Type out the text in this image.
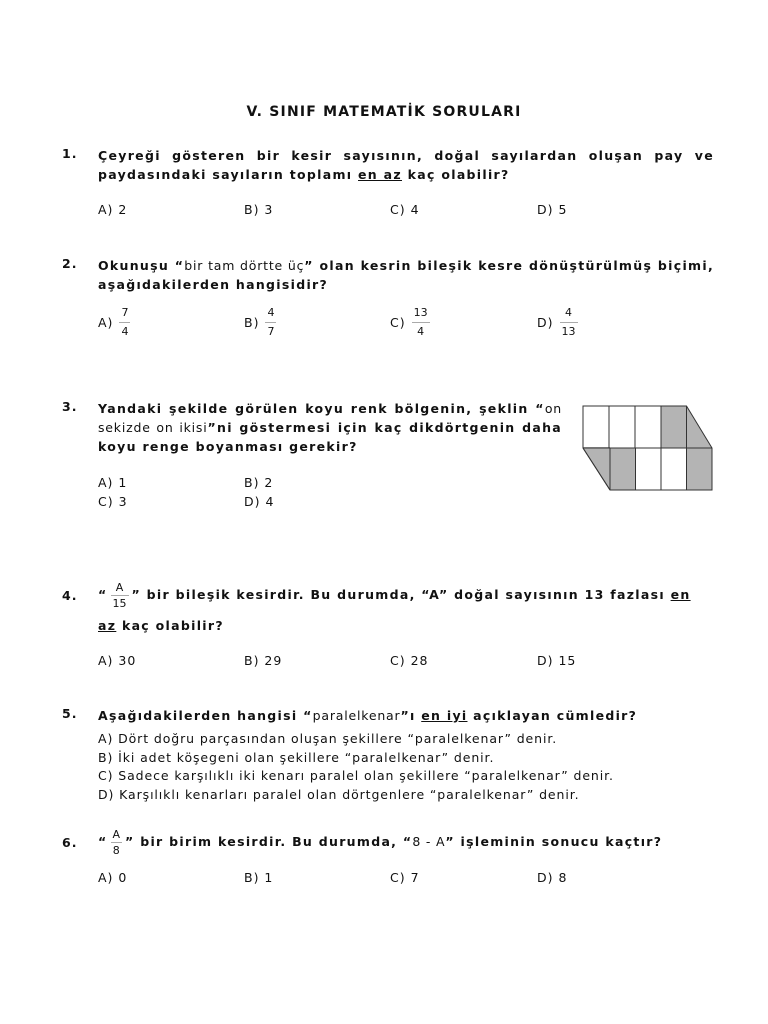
V. SINIF MATEMATİK SORULARI
1. Çeyreği gösteren bir kesir sayısının, doğal sayılardan oluşan pay ve paydasındaki sayıların toplamı en az kaç olabilir?
A) 2	B) 3	C) 4	D) 5
2. Okunuşu “bir tam dörtte üç” olan kesrin bileşik kesre dönüştürülmüş biçimi, aşağıdakilerden hangisidir?
$A) \frac{7}{4}$	$B) \frac{4}{7}$	$C) \frac{13}{4}$	$D) \frac{4}{13}$
3. Yandaki şekilde görülen koyu renk bölgenin, şeklin “on sekizde on ikisi”ni göstermesi için kaç dikdörtgenin daha koyu renge boyanması gerekir?
A) 1	B) 2
C) 3	D) 4
4. “ $\frac{A}{15}$ ” bir bileşik kesirdir. Bu durumda, “A” doğal sayısının 13 fazlası en
az kaç olabilir?
A) 30	B) 29	C) 28	D) 15
5. Aşağıdakilerden hangisi “paralelkenar”ı en iyi açıklayan cümledir?
A) Dört doğru parçasından oluşan şekillere “paralelkenar” denir.
B) İki adet köşegeni olan şekillere “paralelkenar” denir.
C) Sadece karşılıklı iki kenarı paralel olan şekillere “paralelkenar” denir.
D) Karşılıklı kenarları paralel olan dörtgenlere “paralelkenar” denir.
6. “ $\frac{A}{8}$ ” bir birim kesirdir. Bu durumda, “8 - A” işleminin sonucu kaçtır?
A) 0	B) 1	C) 7	D) 8
